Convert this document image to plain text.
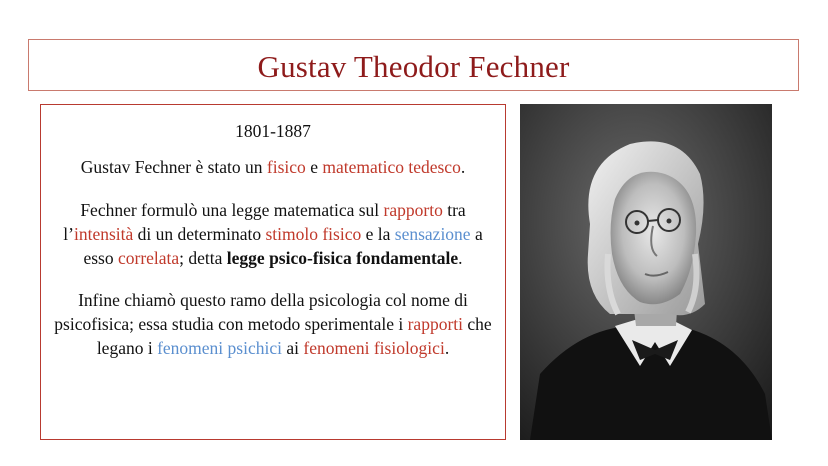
Gustav Theodor Fechner

1801-1887

Gustav Fechner è stato un fisico e matematico tedesco.

Fechner formulò una legge matematica sul rapporto tra l’intensità di un determinato stimolo fisico e la sensazione a esso correlata; detta legge psico-fisica fondamentale.

Infine chiamò questo ramo della psicologia col nome di psicofisica; essa studia con metodo sperimentale i rapporti che legano i fenomeni psichici ai fenomeni fisiologici.
